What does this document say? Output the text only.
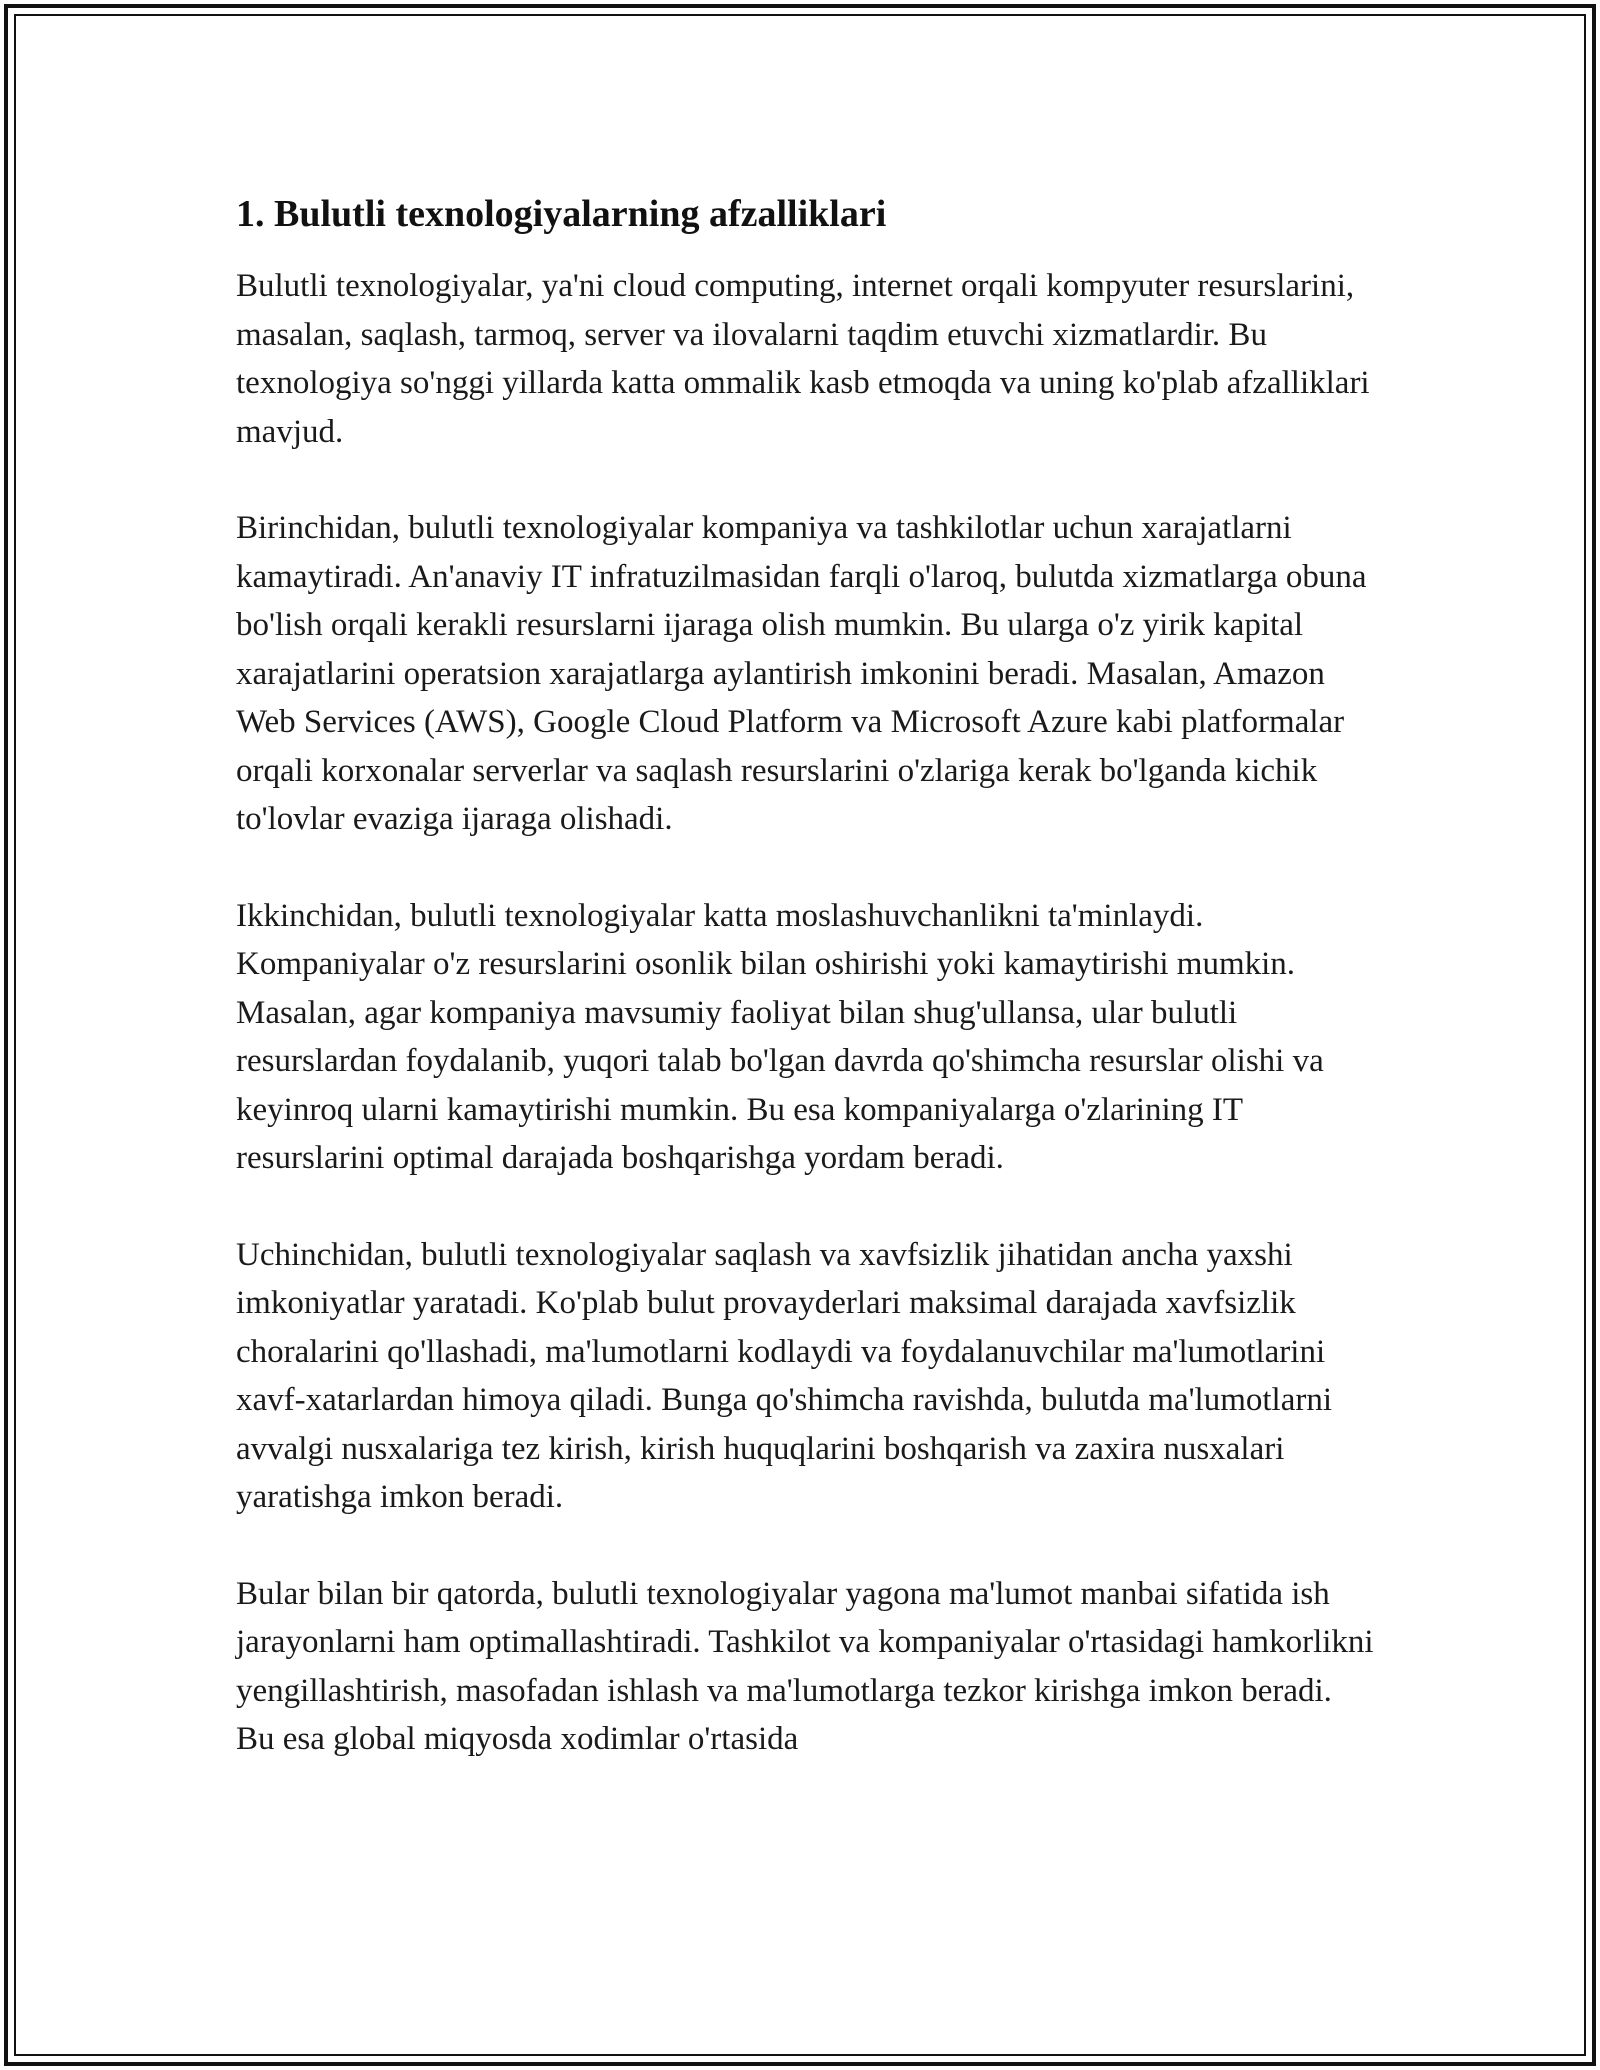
1. Bulutli texnologiyalarning afzalliklari

Bulutli texnologiyalar, ya'ni cloud computing, internet orqali kompyuter resurslarini, masalan, saqlash, tarmoq, server va ilovalarni taqdim etuvchi xizmatlardir. Bu texnologiya so'nggi yillarda katta ommalik kasb etmoqda va uning ko'plab afzalliklari mavjud.

Birinchidan, bulutli texnologiyalar kompaniya va tashkilotlar uchun xarajatlarni kamaytiradi. An'anaviy IT infratuzilmasidan farqli o'laroq, bulutda xizmatlarga obuna bo'lish orqali kerakli resurslarni ijaraga olish mumkin. Bu ularga o'z yirik kapital xarajatlarini operatsion xarajatlarga aylantirish imkonini beradi. Masalan, Amazon Web Services (AWS), Google Cloud Platform va Microsoft Azure kabi platformalar orqali korxonalar serverlar va saqlash resurslarini o'zlariga kerak bo'lganda kichik to'lovlar evaziga ijaraga olishadi.

Ikkinchidan, bulutli texnologiyalar katta moslashuvchanlikni ta'minlaydi. Kompaniyalar o'z resurslarini osonlik bilan oshirishi yoki kamaytirishi mumkin. Masalan, agar kompaniya mavsumiy faoliyat bilan shug'ullansa, ular bulutli resurslardan foydalanib, yuqori talab bo'lgan davrda qo'shimcha resurslar olishi va keyinroq ularni kamaytirishi mumkin. Bu esa kompaniyalarga o'zlarining IT resurslarini optimal darajada boshqarishga yordam beradi.

Uchinchidan, bulutli texnologiyalar saqlash va xavfsizlik jihatidan ancha yaxshi imkoniyatlar yaratadi. Ko'plab bulut provayderlari maksimal darajada xavfsizlik choralarini qo'llashadi, ma'lumotlarni kodlaydi va foydalanuvchilar ma'lumotlarini xavf-xatarlardan himoya qiladi. Bunga qo'shimcha ravishda, bulutda ma'lumotlarni avvalgi nusxalariga tez kirish, kirish huquqlarini boshqarish va zaxira nusxalari yaratishga imkon beradi.

Bular bilan bir qatorda, bulutli texnologiyalar yagona ma'lumot manbai sifatida ish jarayonlarni ham optimallashtiradi. Tashkilot va kompaniyalar o'rtasidagi hamkorlikni yengillashtirish, masofadan ishlash va ma'lumotlarga tezkor kirishga imkon beradi. Bu esa global miqyosda xodimlar o'rtasida
